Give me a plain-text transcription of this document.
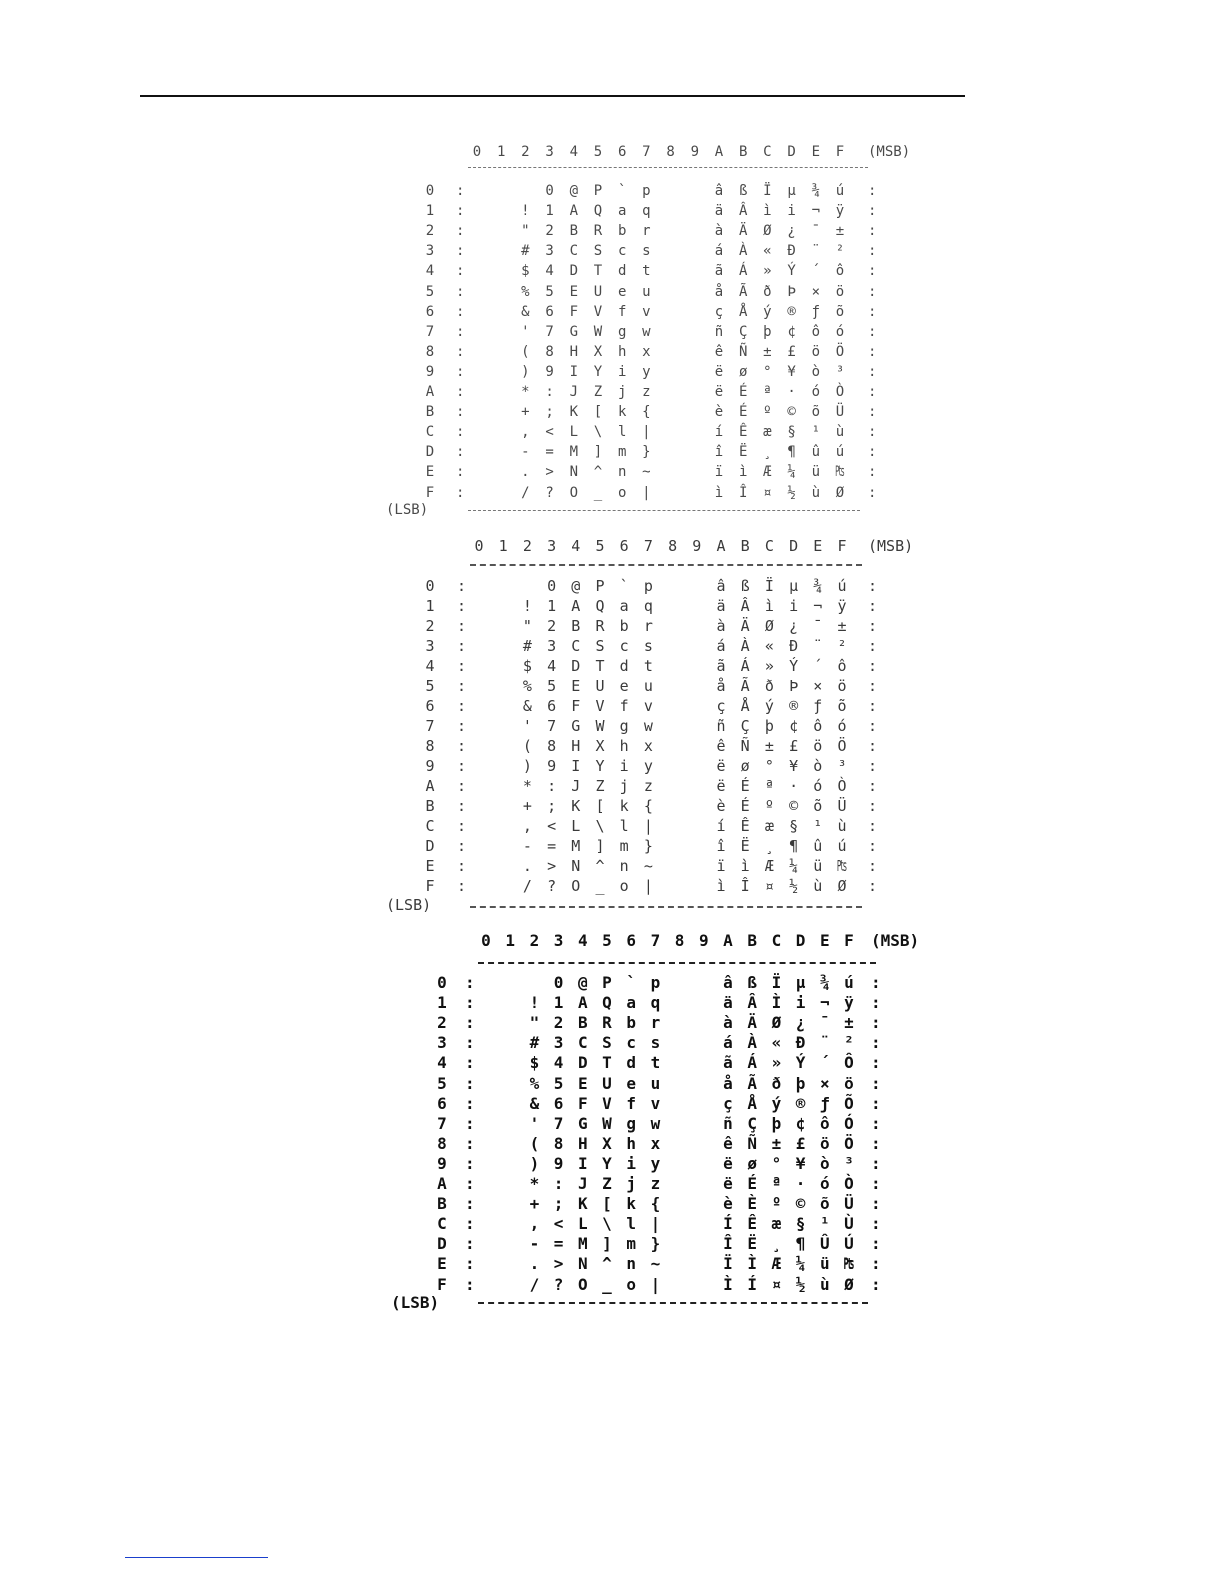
0	1	2	3	4	5	6	7	8	9	A	B	C	D	E	F	(MSB)
0	:	0	@	P	`	p	â	ß	Ï	µ	¾	ú	:
1	:	!	1	A	Q	a	q	ä	Â	ì	i	¬	ÿ	:
2	:	"	2	B	R	b	r	à	Ä	Ø	¿	¯	±	:
3	:	#	3	C	S	c	s	á	À	«	Ð	¨	²	:
4	:	$	4	D	T	d	t	ã	Á	»	Ý	´	ô	:
5	:	%	5	E	U	e	u	å	Ã	ð	Þ	×	ö	:
6	:	&	6	F	V	f	v	ç	Å	ý	®	ƒ	õ	:
7	:	'	7	G	W	g	w	ñ	Ç	þ	¢	ô	ó	:
8	:	(	8	H	X	h	x	ê	Ñ	±	£	ö	Ö	:
9	:	)	9	I	Y	i	y	ë	ø	°	¥	ò	³	:
A	:	*	:	J	Z	j	z	ë	É	ª	·	ó	Ò	:
B	:	+	;	K	[	k	{	è	É	º	©	õ	Ü	:
C	:	,	<	L	\	l	|	í	Ê	æ	§	¹	ù	:
D	:	-	=	M	]	m	}	î	Ë	¸	¶	û	ú	:
E	:	.	>	N	^	n	~	ï	ì	Æ	¼	ü	₧	:
F	:	/	?	O	_	o	|	ì	Î	¤	½	ù	Ø	:
(LSB)
0	1	2	3	4	5	6	7	8	9	A	B	C	D	E	F	(MSB)
0	:	0	@	P	`	p	â	ß	Ï	µ	¾	ú	:
1	:	!	1	A	Q	a	q	ä	Â	ì	i	¬	ÿ	:
2	:	"	2	B	R	b	r	à	Ä	Ø	¿	¯	±	:
3	:	#	3	C	S	c	s	á	À	«	Ð	¨	²	:
4	:	$	4	D	T	d	t	ã	Á	»	Ý	´	ô	:
5	:	%	5	E	U	e	u	å	Ã	ð	Þ	×	ö	:
6	:	&	6	F	V	f	v	ç	Å	ý	®	ƒ	õ	:
7	:	'	7	G	W	g	w	ñ	Ç	þ	¢	ô	ó	:
8	:	(	8	H	X	h	x	ê	Ñ	±	£	ö	Ö	:
9	:	)	9	I	Y	i	y	ë	ø	°	¥	ò	³	:
A	:	*	:	J	Z	j	z	ë	É	ª	·	ó	Ò	:
B	:	+	;	K	[	k	{	è	É	º	©	õ	Ü	:
C	:	,	<	L	\	l	|	í	Ê	æ	§	¹	ù	:
D	:	-	=	M	]	m	}	î	Ë	¸	¶	û	ú	:
E	:	.	>	N	^	n	~	ï	ì	Æ	¼	ü	₧	:
F	:	/	?	O	_	o	|	ì	Î	¤	½	ù	Ø	:
(LSB)
0 1 2 3 4 5 6 7 8 9 A B C D E F	(MSB)
0	:	0 @ P ` p	â ß Ï µ ¾ ú	:
1	:	! 1 A Q a q	ä Â Ì i ¬ ÿ	:
2	:	" 2 B R b r	à Ä Ø ¿ ¯ ±	:
3	:	# 3 C S c s	á À « Ð ¨ ²	:
4	:	$ 4 D T d t	ã Á » Ý ´ Ô	:
5	:	% 5 E U e u	å Ã ð þ × ö	:
6	:	& 6 F V f v	ç Å ý ® ƒ Õ	:
7	:	' 7 G W g w	ñ Ç þ ¢ ô Ó	:
8	:	( 8 H X h x	ê Ñ ± £ ö Ö	:
9	:	) 9 I Y i y	ë ø ° ¥ ò ³	:
A	:	* : J Z j z	ë É ª · ó Ò	:
B	:	+ ; K [ k {	è È º © õ Ü	:
C	:	, < L \ l |	Í Ê æ § ¹ Ù	:
D	:	- = M ] m }	Î Ë ¸ ¶ Û Ú	:
E	:	. > N ^ n ~	Ï Ì Æ ¼ ü ₧	:
F	:	/ ? O _ o |	Ì Í ¤ ½ ù Ø	:
(LSB)
